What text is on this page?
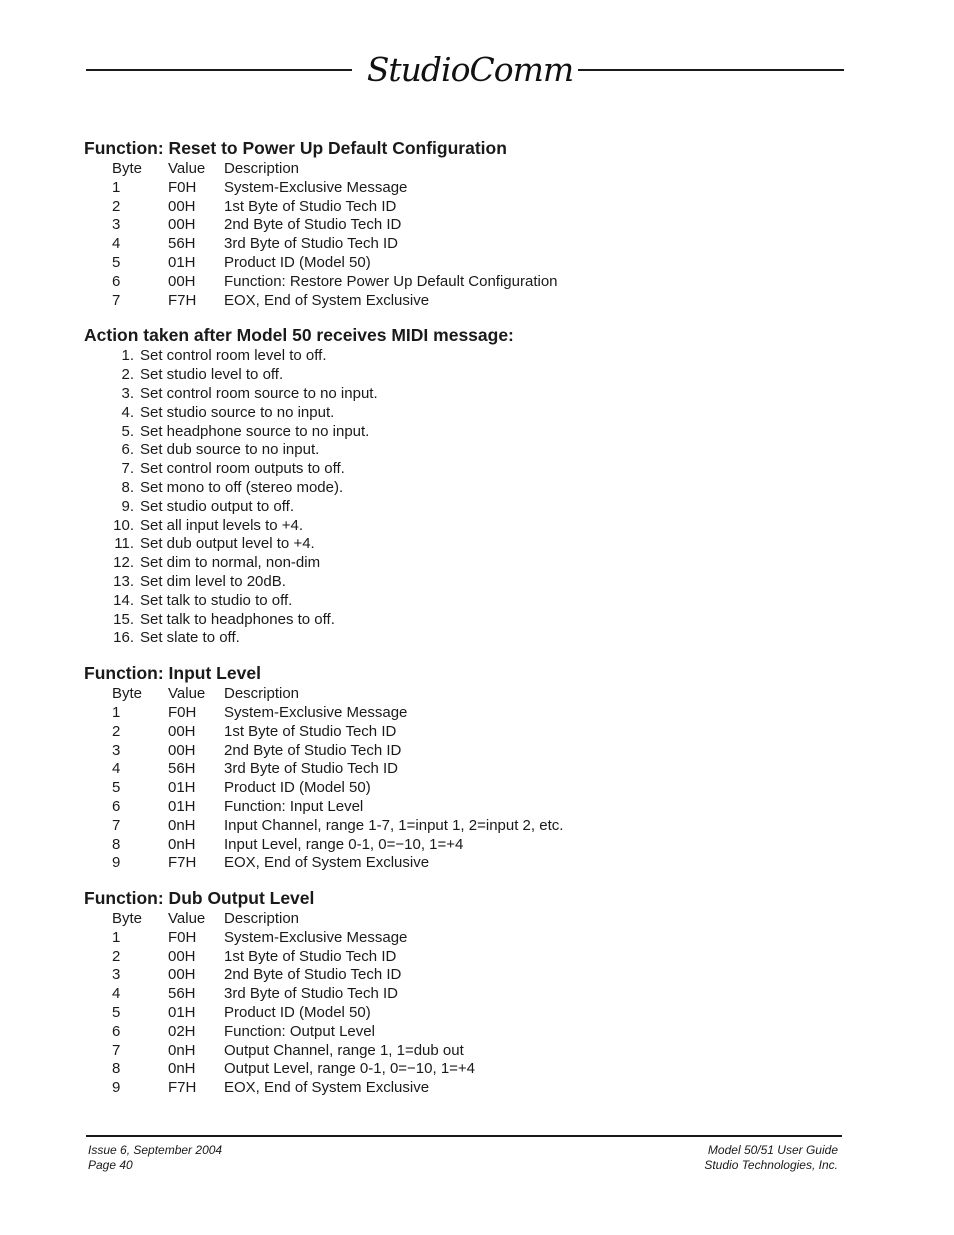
StudioComm
Function: Reset to Power Up Default Configuration
Byte	Value	Description
1	F0H	System-Exclusive Message
2	00H	1st Byte of Studio Tech ID
3	00H	2nd Byte of Studio Tech ID
4	56H	3rd Byte of Studio Tech ID
5	01H	Product ID (Model 50)
6	00H	Function: Restore Power Up Default Configuration
7	F7H	EOX, End of System Exclusive
Action taken after Model 50 receives MIDI message:
1. Set control room level to off.
2. Set studio level to off.
3. Set control room source to no input.
4. Set studio source to no input.
5. Set headphone source to no input.
6. Set dub source to no input.
7. Set control room outputs to off.
8. Set mono to off (stereo mode).
9. Set studio output to off.
10. Set all input levels to +4.
11. Set dub output level to +4.
12. Set dim to normal, non-dim
13. Set dim level to 20dB.
14. Set talk to studio to off.
15. Set talk to headphones to off.
16. Set slate to off.
Function: Input Level
Byte	Value	Description
1	F0H	System-Exclusive Message
2	00H	1st Byte of Studio Tech ID
3	00H	2nd Byte of Studio Tech ID
4	56H	3rd Byte of Studio Tech ID
5	01H	Product ID (Model 50)
6	01H	Function: Input Level
7	0nH	Input Channel, range 1-7, 1=input 1, 2=input 2, etc.
8	0nH	Input Level, range 0-1, 0=−10, 1=+4
9	F7H	EOX, End of System Exclusive
Function: Dub Output Level
Byte	Value	Description
1	F0H	System-Exclusive Message
2	00H	1st Byte of Studio Tech ID
3	00H	2nd Byte of Studio Tech ID
4	56H	3rd Byte of Studio Tech ID
5	01H	Product ID (Model 50)
6	02H	Function: Output Level
7	0nH	Output Channel, range 1, 1=dub out
8	0nH	Output Level, range 0-1, 0=−10, 1=+4
9	F7H	EOX, End of System Exclusive
Issue 6, September 2004
Page 40
Model 50/51 User Guide
Studio Technologies, Inc.
